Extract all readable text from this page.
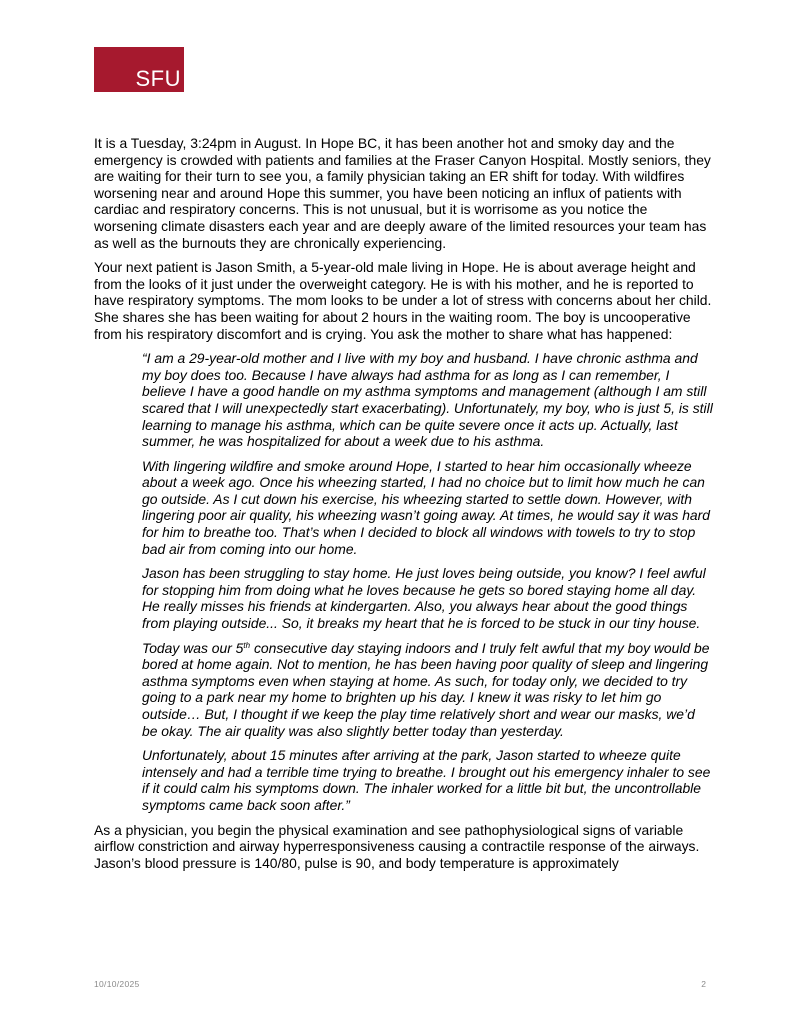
SFU

It is a Tuesday, 3:24pm in August. In Hope BC, it has been another hot and smoky day and the emergency is crowded with patients and families at the Fraser Canyon Hospital. Mostly seniors, they are waiting for their turn to see you, a family physician taking an ER shift for today. With wildfires worsening near and around Hope this summer, you have been noticing an influx of patients with cardiac and respiratory concerns. This is not unusual, but it is worrisome as you notice the worsening climate disasters each year and are deeply aware of the limited resources your team has as well as the burnouts they are chronically experiencing.

Your next patient is Jason Smith, a 5-year-old male living in Hope. He is about average height and from the looks of it just under the overweight category. He is with his mother, and he is reported to have respiratory symptoms. The mom looks to be under a lot of stress with concerns about her child. She shares she has been waiting for about 2 hours in the waiting room. The boy is uncooperative from his respiratory discomfort and is crying. You ask the mother to share what has happened:

“I am a 29-year-old mother and I live with my boy and husband. I have chronic asthma and my boy does too. Because I have always had asthma for as long as I can remember, I believe I have a good handle on my asthma symptoms and management (although I am still scared that I will unexpectedly start exacerbating). Unfortunately, my boy, who is just 5, is still learning to manage his asthma, which can be quite severe once it acts up. Actually, last summer, he was hospitalized for about a week due to his asthma.

With lingering wildfire and smoke around Hope, I started to hear him occasionally wheeze about a week ago. Once his wheezing started, I had no choice but to limit how much he can go outside. As I cut down his exercise, his wheezing started to settle down. However, with lingering poor air quality, his wheezing wasn’t going away. At times, he would say it was hard for him to breathe too. That’s when I decided to block all windows with towels to try to stop bad air from coming into our home.

Jason has been struggling to stay home. He just loves being outside, you know? I feel awful for stopping him from doing what he loves because he gets so bored staying home all day. He really misses his friends at kindergarten. Also, you always hear about the good things from playing outside... So, it breaks my heart that he is forced to be stuck in our tiny house.

Today was our 5th consecutive day staying indoors and I truly felt awful that my boy would be bored at home again. Not to mention, he has been having poor quality of sleep and lingering asthma symptoms even when staying at home. As such, for today only, we decided to try going to a park near my home to brighten up his day. I knew it was risky to let him go outside… But, I thought if we keep the play time relatively short and wear our masks, we’d be okay. The air quality was also slightly better today than yesterday.

Unfortunately, about 15 minutes after arriving at the park, Jason started to wheeze quite intensely and had a terrible time trying to breathe. I brought out his emergency inhaler to see if it could calm his symptoms down. The inhaler worked for a little bit but, the uncontrollable symptoms came back soon after.”

As a physician, you begin the physical examination and see pathophysiological signs of variable airflow constriction and airway hyperresponsiveness causing a contractile response of the airways. Jason’s blood pressure is 140/80, pulse is 90, and body temperature is approximately

10/10/2025	2
